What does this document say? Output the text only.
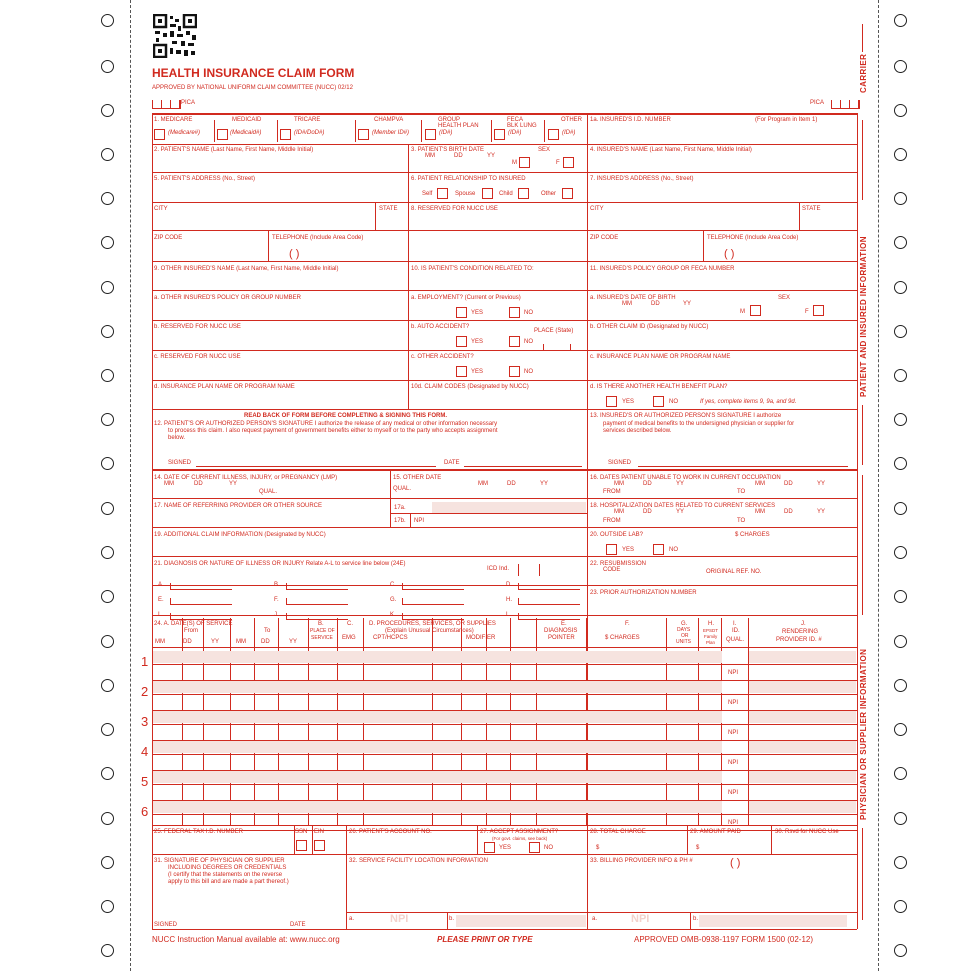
HEALTH INSURANCE CLAIM FORM
APPROVED BY NATIONAL UNIFORM CLAIM COMMITTEE (NUCC) 02/12
PICA	PICA
CARRIER
PATIENT AND INSURED INFORMATION
PHYSICIAN OR SUPPLIER INFORMATION
1. MEDICARE	MEDICAID	TRICARE	CHAMPVA	GROUP
HEALTH PLAN
FECA
BLK LUNG
OTHER
(Medicare#)	(Medicaid#)	(ID#/DoD#)	(Member ID#)	(ID#)	(ID#)	(ID#)
1a. INSURED'S I.D. NUMBER	(For Program in Item 1)
2. PATIENT'S NAME (Last Name, First Name, Middle Initial)	3. PATIENT'S BIRTH DATE
MM	DD	YY
SEX
M	F
4. INSURED'S NAME (Last Name, First Name, Middle Initial)
5. PATIENT'S ADDRESS (No., Street)	6. PATIENT RELATIONSHIP TO INSURED
Self	Spouse	Child	Other
7. INSURED'S ADDRESS (No., Street)
CITY	STATE 8. RESERVED FOR NUCC USE	CITY	STATE
ZIP CODE	TELEPHONE (Include Area Code)
( )
ZIP CODE	TELEPHONE (Include Area Code)
( )
9. OTHER INSURED'S NAME (Last Name, First Name, Middle Initial)	10. IS PATIENT'S CONDITION RELATED TO:	11. INSURED'S POLICY GROUP OR FECA NUMBER
a. OTHER INSURED'S POLICY OR GROUP NUMBER	a. EMPLOYMENT? (Current or Previous)
YES	NO
a. INSURED'S DATE OF BIRTH
MM	DD	YY
SEX
M	F
b. RESERVED FOR NUCC USE	b. AUTO ACCIDENT?
PLACE (State)
YES	NO
b. OTHER CLAIM ID (Designated by NUCC)
c. RESERVED FOR NUCC USE	c. OTHER ACCIDENT?
YES	NO
c. INSURANCE PLAN NAME OR PROGRAM NAME
d. INSURANCE PLAN NAME OR PROGRAM NAME	10d. CLAIM CODES (Designated by NUCC)	d. IS THERE ANOTHER HEALTH BENEFIT PLAN?
YES	NO	If yes, complete items 9, 9a, and 9d.
READ BACK OF FORM BEFORE COMPLETING & SIGNING THIS FORM.
12. PATIENT'S OR AUTHORIZED PERSON'S SIGNATURE I authorize the release of any medical or other information necessary
to process this claim. I also request payment of government benefits either to myself or to the party who accepts assignment
below.
SIGNED	DATE
13. INSURED'S OR AUTHORIZED PERSON'S SIGNATURE I authorize
payment of medical benefits to the undersigned physician or supplier for
services described below.
SIGNED
14. DATE OF CURRENT ILLNESS, INJURY, or PREGNANCY (LMP)
MM	DD	YY
QUAL.
15. OTHER DATE
QUAL.
MM	DD	YY
16. DATES PATIENT UNABLE TO WORK IN CURRENT OCCUPATION
MM	DD	YY	MM	DD	YY
FROM	TO
17. NAME OF REFERRING PROVIDER OR OTHER SOURCE	17a.
17b. NPI
18. HOSPITALIZATION DATES RELATED TO CURRENT SERVICES
MM	DD	YY	MM	DD	YY
FROM	TO
19. ADDITIONAL CLAIM INFORMATION (Designated by NUCC)	20. OUTSIDE LAB?	$ CHARGES
YES	NO
21. DIAGNOSIS OR NATURE OF ILLNESS OR INJURY Relate A-L to service line below (24E)
ICD Ind.
A.	B.	C.	D.
E.	F.	G.	H.
I.	J.	K.	L.
22. RESUBMISSION
CODE	ORIGINAL REF. NO.
23. PRIOR AUTHORIZATION NUMBER
24. A. DATE(S) OF SERVICE
From	To
MM	DD	YY	MM	DD	YY
B.
PLACE OF
SERVICE
C.
EMG
D. PROCEDURES, SERVICES, OR SUPPLIES
(Explain Unusual Circumstances)
CPT/HCPCS	MODIFIER
E.
DIAGNOSIS
POINTER
F.
$ CHARGES
G.
DAYS
OR
UNITS
H.
EPSDT
Family
Plan
I.
ID.
QUAL.
J.
RENDERING
PROVIDER ID. #
1
NPI
2
NPI
3
NPI
4
NPI
5
NPI
6
NPI
25. FEDERAL TAX I.D. NUMBER	SSN EIN	26. PATIENT'S ACCOUNT NO.	27. ACCEPT ASSIGNMENT?
(For govt. claims, see back)
YES	NO
28. TOTAL CHARGE
$
29. AMOUNT PAID
$
30. Rsvd for NUCC Use
31. SIGNATURE OF PHYSICIAN OR SUPPLIER
INCLUDING DEGREES OR CREDENTIALS
(I certify that the statements on the reverse
apply to this bill and are made a part thereof.)
SIGNED	DATE
32. SERVICE FACILITY LOCATION INFORMATION	33. BILLING PROVIDER INFO & PH #	( )
a.	NPI	b.	a.	NPI	b.
NUCC Instruction Manual available at: www.nucc.org	PLEASE PRINT OR TYPE	APPROVED OMB-0938-1197 FORM 1500 (02-12)
